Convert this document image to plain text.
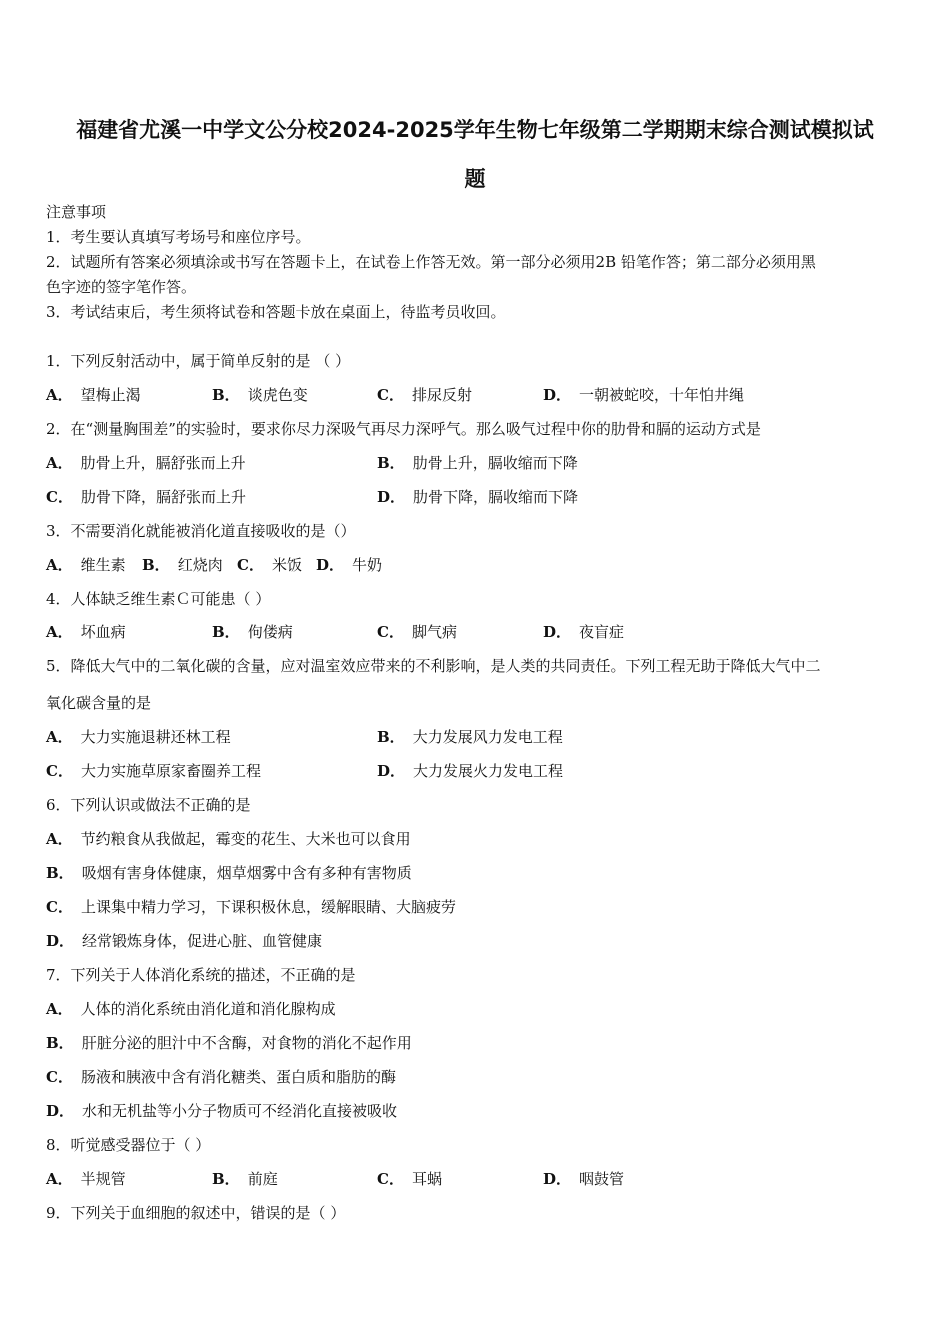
福建省尤溪一中学文公分校2024-2025学年生物七年级第二学期期末综合测试模拟试
题
注意事项
1．考生要认真填写考场号和座位序号。
2．试题所有答案必须填涂或书写在答题卡上，在试卷上作答无效。第一部分必须用2B 铅笔作答；第二部分必须用黑
色字迹的签字笔作答。
3．考试结束后，考生须将试卷和答题卡放在桌面上，待监考员收回。
1．下列反射活动中，属于简单反射的是 （ ）
A． 望梅止渴	B． 谈虎色变	C． 排尿反射	D． 一朝被蛇咬，十年怕井绳
2．在“测量胸围差”的实验时，要求你尽力深吸气再尽力深呼气。那么吸气过程中你的肋骨和膈的运动方式是
A． 肋骨上升，膈舒张而上升	B． 肋骨上升，膈收缩而下降
C． 肋骨下降，膈舒张而上升	D． 肋骨下降，膈收缩而下降
3．不需要消化就能被消化道直接吸收的是（）
A． 维生素 B． 红烧肉 C． 米饭 D． 牛奶
4．人体缺乏维生素Ｃ可能患（ ）
A． 坏血病	B． 佝偻病	C． 脚气病	D． 夜盲症
5．降低大气中的二氧化碳的含量，应对温室效应带来的不利影响，是人类的共同责任。下列工程无助于降低大气中二
氧化碳含量的是
A． 大力实施退耕还林工程	B． 大力发展风力发电工程
C． 大力实施草原家畜圈养工程	D． 大力发展火力发电工程
6．下列认识或做法不正确的是
A． 节约粮食从我做起，霉变的花生、大米也可以食用
B． 吸烟有害身体健康，烟草烟雾中含有多种有害物质
C． 上课集中精力学习，下课积极休息，缓解眼睛、大脑疲劳
D． 经常锻炼身体，促进心脏、血管健康
7．下列关于人体消化系统的描述，不正确的是
A． 人体的消化系统由消化道和消化腺构成
B． 肝脏分泌的胆汁中不含酶，对食物的消化不起作用
C． 肠液和胰液中含有消化糖类、蛋白质和脂肪的酶
D． 水和无机盐等小分子物质可不经消化直接被吸收
8．听觉感受器位于（ ）
A． 半规管	B． 前庭	C． 耳蜗	D． 咽鼓管
9．下列关于血细胞的叙述中，错误的是（ ）
